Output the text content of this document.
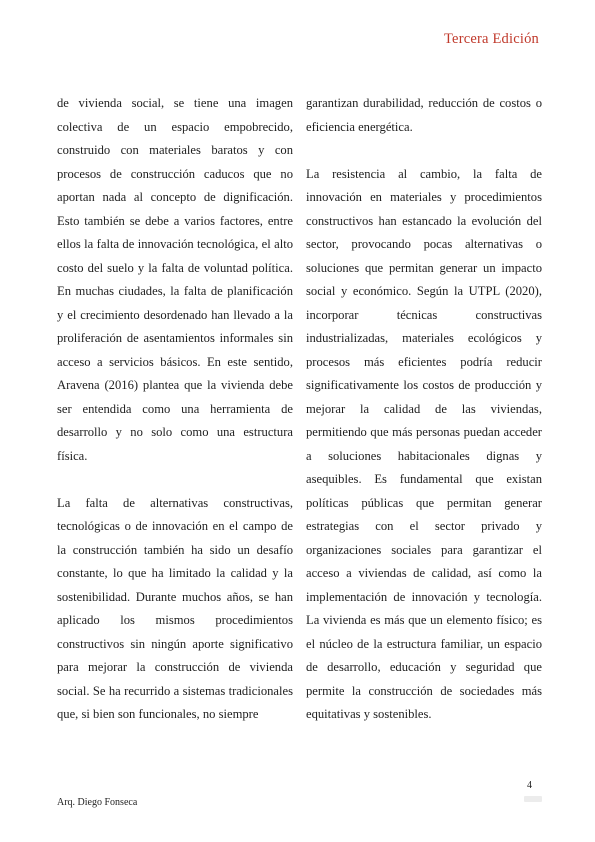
Tercera Edición

de vivienda social, se tiene una imagen colectiva de un espacio empobrecido, construido con materiales baratos y con procesos de construcción caducos que no aportan nada al concepto de dignificación. Esto también se debe a varios factores, entre ellos la falta de innovación tecnológica, el alto costo del suelo y la falta de voluntad política. En muchas ciudades, la falta de planificación y el crecimiento desordenado han llevado a la proliferación de asentamientos informales sin acceso a servicios básicos. En este sentido, Aravena (2016) plantea que la vivienda debe ser entendida como una herramienta de desarrollo y no solo como una estructura física.

La falta de alternativas constructivas, tecnológicas o de innovación en el campo de la construcción también ha sido un desafío constante, lo que ha limitado la calidad y la sostenibilidad. Durante muchos años, se han aplicado los mismos procedimientos constructivos sin ningún aporte significativo para mejorar la construcción de vivienda social. Se ha recurrido a sistemas tradicionales que, si bien son funcionales, no siempre

garantizan durabilidad, reducción de costos o eficiencia energética.

La resistencia al cambio, la falta de innovación en materiales y procedimientos constructivos han estancado la evolución del sector, provocando pocas alternativas o soluciones que permitan generar un impacto social y económico. Según la UTPL (2020), incorporar técnicas constructivas industrializadas, materiales ecológicos y procesos más eficientes podría reducir significativamente los costos de producción y mejorar la calidad de las viviendas, permitiendo que más personas puedan acceder a soluciones habitacionales dignas y asequibles. Es fundamental que existan políticas públicas que permitan generar estrategias con el sector privado y organizaciones sociales para garantizar el acceso a viviendas de calidad, así como la implementación de innovación y tecnología. La vivienda es más que un elemento físico; es el núcleo de la estructura familiar, un espacio de desarrollo, educación y seguridad que permite la construcción de sociedades más equitativas y sostenibles.

Arq. Diego Fonseca
4
